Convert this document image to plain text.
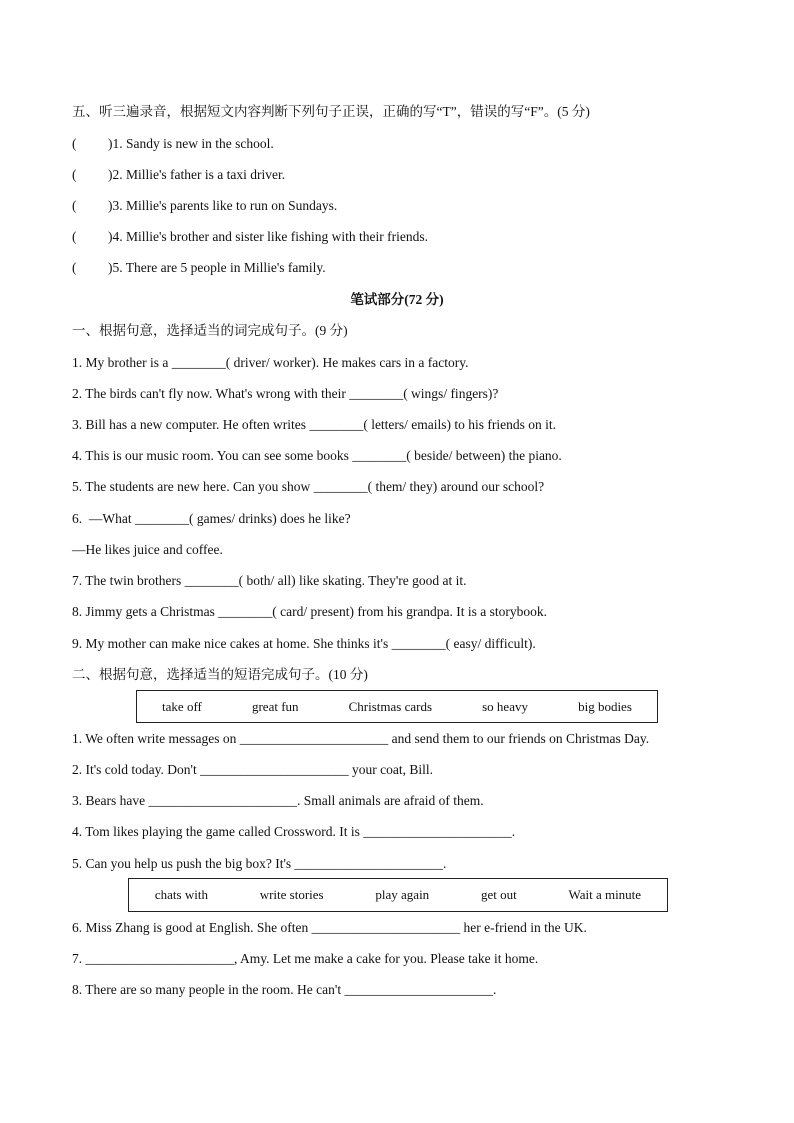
五、听三遍录音，根据短文内容判断下列句子正误，正确的写“T”，错误的写“F”。(5 分)
( )1. Sandy is new in the school.
( )2. Millie's father is a taxi driver.
( )3. Millie's parents like to run on Sundays.
( )4. Millie's brother and sister like fishing with their friends.
( )5. There are 5 people in Millie's family.
笔试部分(72 分)
一、根据句意，选择适当的词完成句子。(9 分)
1. My brother is a ________( driver/ worker). He makes cars in a factory.
2. The birds can't fly now. What's wrong with their ________( wings/ fingers)?
3. Bill has a new computer. He often writes ________( letters/ emails) to his friends on it.
4. This is our music room. You can see some books ________( beside/ between) the piano.
5. The students are new here. Can you show ________( them/ they) around our school?
6.  —What ________( games/ drinks) does he like?
—He likes juice and coffee.
7. The twin brothers ________( both/ all) like skating. They're good at it.
8. Jimmy gets a Christmas ________( card/ present) from his grandpa. It is a storybook.
9. My mother can make nice cakes at home. She thinks it's ________( easy/ difficult).
二、根据句意，选择适当的短语完成句子。(10 分)
take off	great fun	Christmas cards	so heavy	big bodies
1. We often write messages on ______________________ and send them to our friends on Christmas Day.
2. It's cold today. Don't ______________________ your coat, Bill.
3. Bears have ______________________. Small animals are afraid of them.
4. Tom likes playing the game called Crossword. It is ______________________.
5. Can you help us push the big box? It's ______________________.
chats with	write stories	play again	get out	Wait a minute
6. Miss Zhang is good at English. She often ______________________ her e-friend in the UK.
7. ______________________, Amy. Let me make a cake for you. Please take it home.
8. There are so many people in the room. He can't ______________________.
